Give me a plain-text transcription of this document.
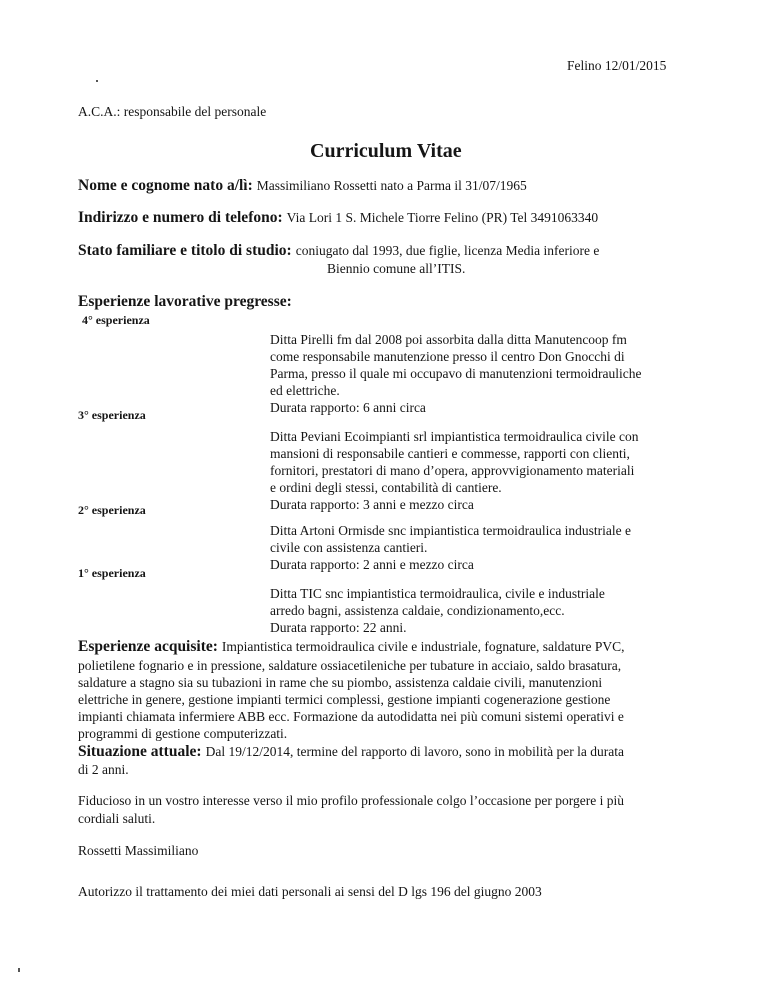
Felino 12/01/2015
A.C.A.: responsabile del personale
Curriculum Vitae
Nome e cognome nato a/lì: Massimiliano Rossetti nato a Parma il 31/07/1965
Indirizzo e numero di telefono: Via Lori 1 S. Michele Tiorre Felino (PR) Tel 3491063340
Stato familiare e titolo di studio: coniugato dal 1993, due figlie, licenza Media inferiore e
Biennio comune all’ITIS.
Esperienze lavorative pregresse:
4° esperienza
Ditta Pirelli fm dal 2008 poi assorbita dalla ditta Manutencoop fm
come responsabile manutenzione presso il centro Don Gnocchi di
Parma, presso il quale mi occupavo di manutenzioni termoidrauliche
ed elettriche.
Durata rapporto: 6 anni circa
3° esperienza
Ditta Peviani Ecoimpianti srl impiantistica termoidraulica civile con
mansioni di responsabile cantieri e commesse, rapporti con clienti,
fornitori, prestatori di mano d’opera, approvvigionamento materiali
e ordini degli stessi, contabilità di cantiere.
Durata rapporto: 3 anni e mezzo circa
2° esperienza
Ditta Artoni Ormisde snc impiantistica termoidraulica industriale e
civile con assistenza cantieri.
Durata rapporto: 2 anni e mezzo circa
1° esperienza
Ditta TIC snc impiantistica termoidraulica, civile e industriale
arredo bagni, assistenza caldaie, condizionamento,ecc.
Durata rapporto: 22 anni.
Esperienze acquisite: Impiantistica termoidraulica civile e industriale, fognature, saldature PVC,
polietilene fognario e in pressione, saldature ossiacetileniche per tubature in acciaio, saldo brasatura,
saldature a stagno sia su tubazioni in rame che su piombo, assistenza caldaie civili, manutenzioni
elettriche in genere, gestione impianti termici complessi, gestione impianti cogenerazione gestione
impianti chiamata infermiere ABB ecc. Formazione da autodidatta nei più comuni sistemi operativi e
programmi di gestione computerizzati.
Situazione attuale: Dal 19/12/2014, termine del rapporto di lavoro, sono in mobilità per la durata
di 2 anni.
Fiducioso in un vostro interesse verso il mio profilo professionale colgo l’occasione per porgere i più
cordiali saluti.
Rossetti Massimiliano
Autorizzo il trattamento dei miei dati personali ai sensi del D lgs 196 del giugno 2003
